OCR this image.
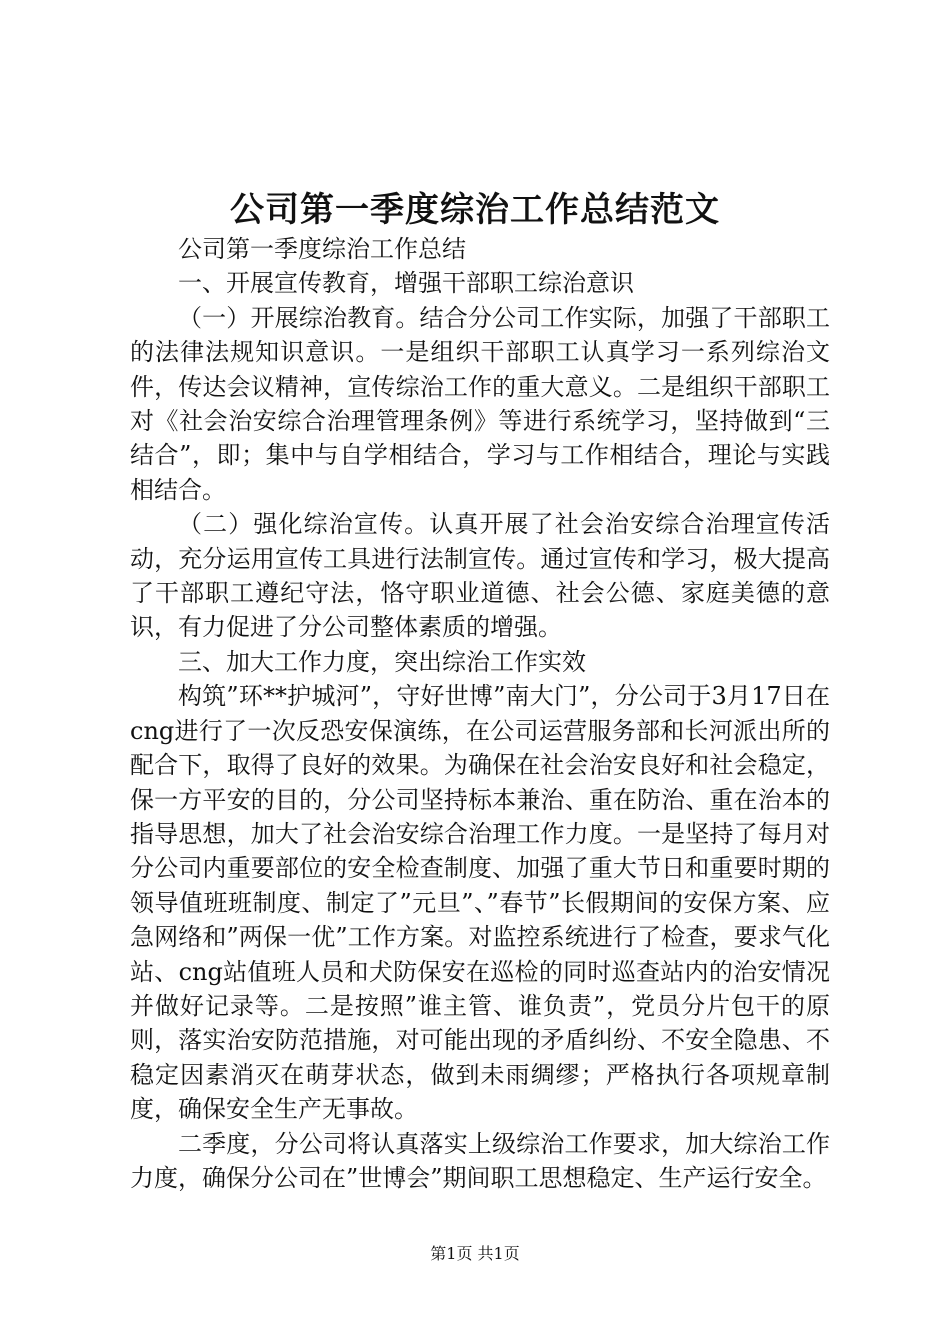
公司第一季度综治工作总结范文

公司第一季度综治工作总结

一、开展宣传教育，增强干部职工综治意识

（一）开展综治教育。结合分公司工作实际，加强了干部职工的法律法规知识意识。一是组织干部职工认真学习一系列综治文件，传达会议精神，宣传综治工作的重大意义。二是组织干部职工对《社会治安综合治理管理条例》等进行系统学习，坚持做到“三结合”，即；集中与自学相结合，学习与工作相结合，理论与实践相结合。

（二）强化综治宣传。认真开展了社会治安综合治理宣传活动，充分运用宣传工具进行法制宣传。通过宣传和学习，极大提高了干部职工遵纪守法，恪守职业道德、社会公德、家庭美德的意识，有力促进了分公司整体素质的增强。

三、加大工作力度，突出综治工作实效

构筑”环**护城河”，守好世博”南大门”，分公司于3月17日在cng进行了一次反恐安保演练，在公司运营服务部和长河派出所的配合下，取得了良好的效果。为确保在社会治安良好和社会稳定，保一方平安的目的，分公司坚持标本兼治、重在防治、重在治本的指导思想，加大了社会治安综合治理工作力度。一是坚持了每月对分公司内重要部位的安全检查制度、加强了重大节日和重要时期的领导值班班制度、制定了”元旦”、”春节”长假期间的安保方案、应急网络和”两保一优”工作方案。对监控系统进行了检查，要求气化站、cng站值班人员和犬防保安在巡检的同时巡查站内的治安情况并做好记录等。二是按照”谁主管、谁负责”，党员分片包干的原则，落实治安防范措施，对可能出现的矛盾纠纷、不安全隐患、不稳定因素消灭在萌芽状态，做到未雨绸缪；严格执行各项规章制度，确保安全生产无事故。

二季度，分公司将认真落实上级综治工作要求，加大综治工作力度，确保分公司在”世博会”期间职工思想稳定、生产运行安全。

第1页 共1页
